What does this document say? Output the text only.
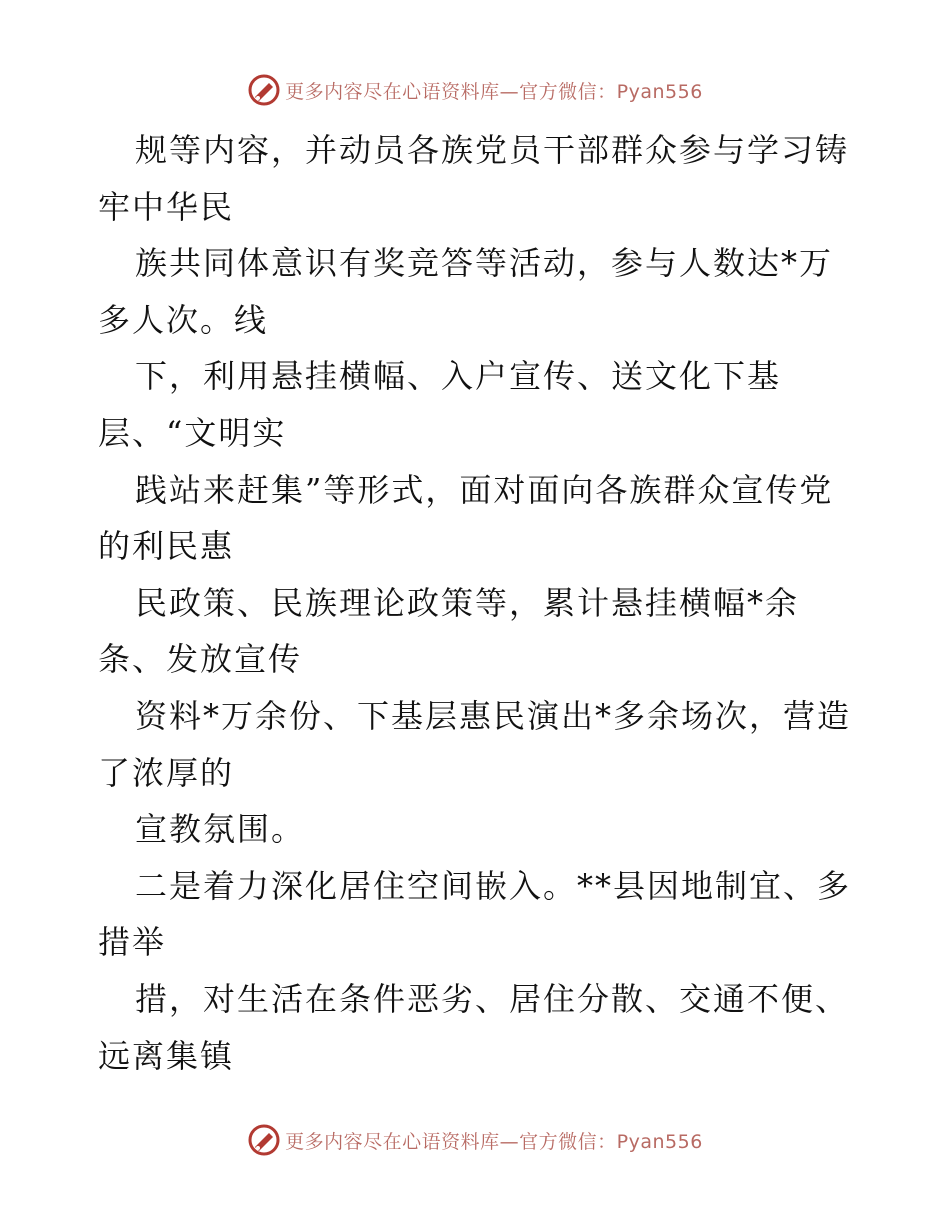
更多内容尽在心语资料库—官方微信：Pyan556
规等内容，并动员各族党员干部群众参与学习铸
牢中华民
族共同体意识有奖竞答等活动，参与人数达*万
多人次。线
下，利用悬挂横幅、入户宣传、送文化下基
层、“文明实
践站来赶集”等形式，面对面向各族群众宣传党
的利民惠
民政策、民族理论政策等，累计悬挂横幅*余
条、发放宣传
资料*万余份、下基层惠民演出*多余场次，营造
了浓厚的
宣教氛围。
二是着力深化居住空间嵌入。**县因地制宜、多
措举
措，对生活在条件恶劣、居住分散、交通不便、
远离集镇
更多内容尽在心语资料库—官方微信：Pyan556
